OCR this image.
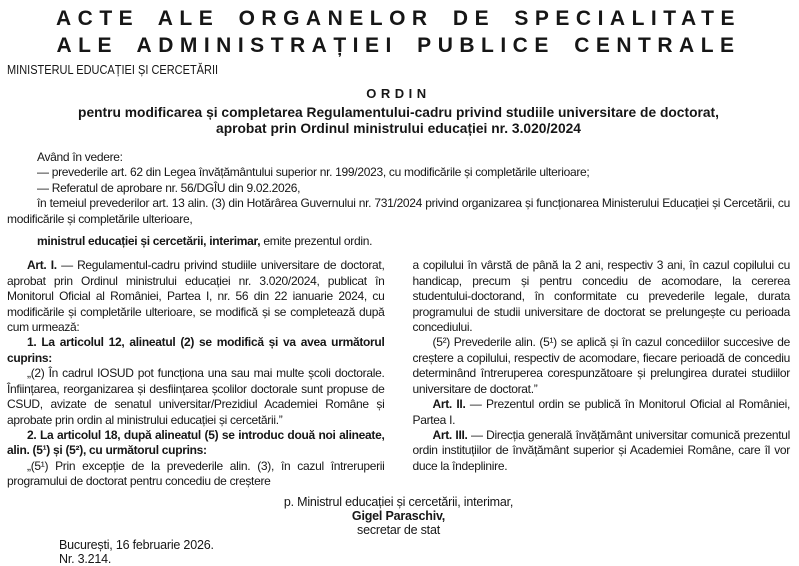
ACTE ALE ORGANELOR DE SPECIALITATE
ALE ADMINISTRAȚIEI PUBLICE CENTRALE
MINISTERUL EDUCAȚIEI ȘI CERCETĂRII
ORDIN
pentru modificarea și completarea Regulamentului-cadru privind studiile universitare de doctorat,
aprobat prin Ordinul ministrului educației nr. 3.020/2024

Având în vedere:

— prevederile art. 62 din Legea învățământului superior nr. 199/2023, cu modificările și completările ulterioare;

— Referatul de aprobare nr. 56/DGÎU din 9.02.2026,

în temeiul prevederilor art. 13 alin. (3) din Hotărârea Guvernului nr. 731/2024 privind organizarea și funcționarea Ministerului Educației și Cercetării, cu modificările și completările ulterioare,

ministrul educației și cercetării, interimar, emite prezentul ordin.

Art. I. — Regulamentul-cadru privind studiile universitare de doctorat, aprobat prin Ordinul ministrului educației nr. 3.020/2024, publicat în Monitorul Oficial al României, Partea I, nr. 56 din 22 ianuarie 2024, cu modificările și completările ulterioare, se modifică și se completează după cum urmează:

1. La articolul 12, alineatul (2) se modifică și va avea următorul cuprins:

„(2) În cadrul IOSUD pot funcționa una sau mai multe școli doctorale. Înființarea, reorganizarea și desființarea școlilor doctorale sunt propuse de CSUD, avizate de senatul universitar/Prezidiul Academiei Române și aprobate prin ordin al ministrului educației și cercetării.”

2. La articolul 18, după alineatul (5) se introduc două noi alineate, alin. (5¹) și (5²), cu următorul cuprins:

„(5¹) Prin excepție de la prevederile alin. (3), în cazul întreruperii programului de doctorat pentru concediu de creștere

a copilului în vârstă de până la 2 ani, respectiv 3 ani, în cazul copilului cu handicap, precum și pentru concediu de acomodare, la cererea studentului-doctorand, în conformitate cu prevederile legale, durata programului de studii universitare de doctorat se prelungește cu perioada concediului.

(5²) Prevederile alin. (5¹) se aplică și în cazul concediilor succesive de creștere a copilului, respectiv de acomodare, fiecare perioadă de concediu determinând întreruperea corespunzătoare și prelungirea duratei studiilor universitare de doctorat.”

Art. II. — Prezentul ordin se publică în Monitorul Oficial al României, Partea I.

Art. III. — Direcția generală învățământ universitar comunică prezentul ordin instituțiilor de învățământ superior și Academiei Române, care îl vor duce la îndeplinire.

p. Ministrul educației și cercetării, interimar,
Gigel Paraschiv,
secretar de stat
București, 16 februarie 2026.
Nr. 3.214.
